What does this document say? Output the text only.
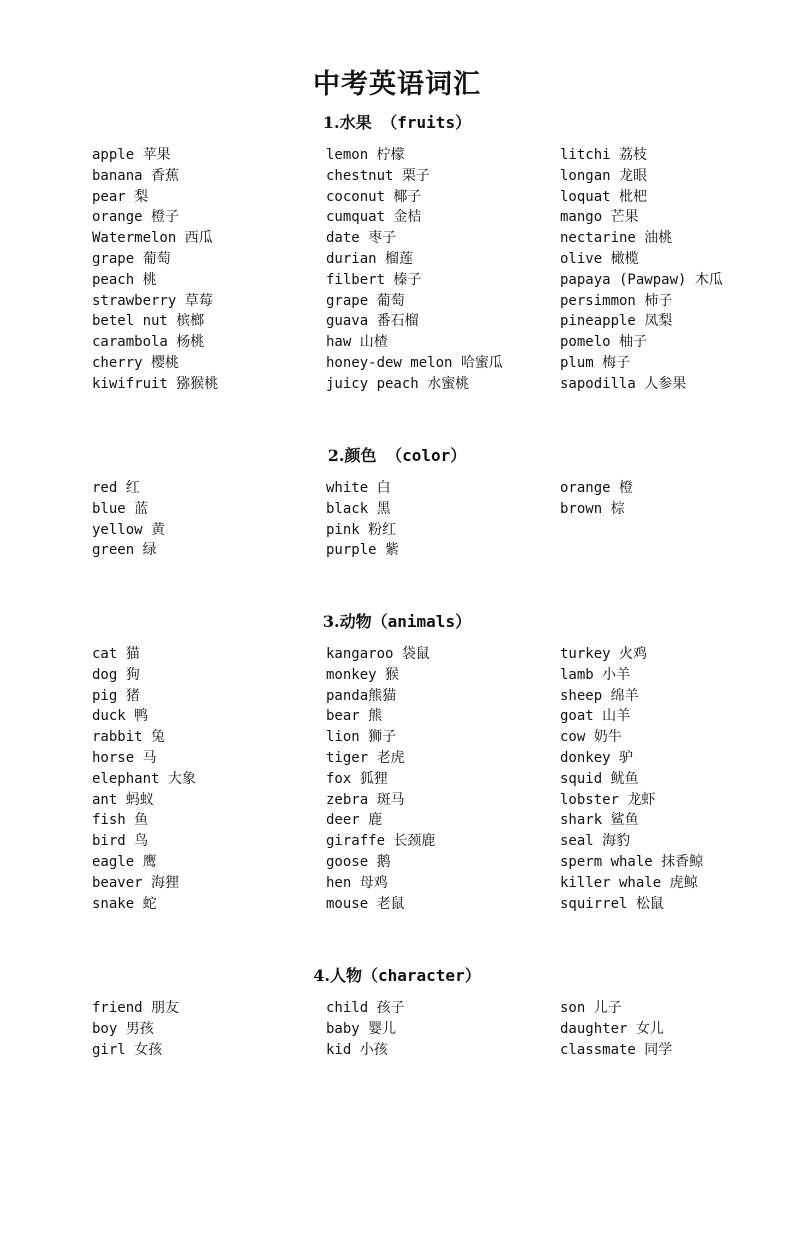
中考英语词汇
1.水果 （fruits）
apple 苹果
banana 香蕉
pear 梨
orange 橙子
Watermelon 西瓜
grape 葡萄
peach 桃
strawberry 草莓
betel nut 槟榔
carambola 杨桃
cherry 樱桃
kiwifruit 猕猴桃
lemon 柠檬
chestnut 栗子
coconut 椰子
cumquat 金桔
date 枣子
durian 榴莲
filbert 榛子
grape 葡萄
guava 番石榴
haw 山楂
honey-dew melon 哈蜜瓜
juicy peach 水蜜桃
litchi 荔枝
longan 龙眼
loquat 枇杷
mango 芒果
nectarine 油桃
olive 橄榄
papaya (Pawpaw) 木瓜
persimmon 柿子
pineapple 凤梨
pomelo 柚子
plum 梅子
sapodilla 人参果
2.颜色 （color）
red 红
blue 蓝
yellow 黄
green 绿
white 白
black 黑
pink 粉红
purple 紫
orange 橙
brown 棕
3.动物（animals）
cat 猫
dog 狗
pig 猪
duck 鸭
rabbit 兔
horse 马
elephant 大象
ant 蚂蚁
fish 鱼
bird 鸟
eagle 鹰
beaver 海狸
snake 蛇
kangaroo 袋鼠
monkey 猴
panda熊猫
bear 熊
lion 狮子
tiger 老虎
fox 狐狸
zebra 斑马
deer 鹿
giraffe 长颈鹿
goose 鹅
hen 母鸡
mouse 老鼠
turkey 火鸡
lamb 小羊
sheep 绵羊
goat 山羊
cow 奶牛
donkey 驴
squid 鱿鱼
lobster 龙虾
shark 鲨鱼
seal 海豹
sperm whale 抹香鲸
killer whale 虎鲸
squirrel 松鼠
4.人物（character）
friend 朋友
boy 男孩
girl 女孩
child 孩子
baby 婴儿
kid 小孩
son 儿子
daughter 女儿
classmate 同学
